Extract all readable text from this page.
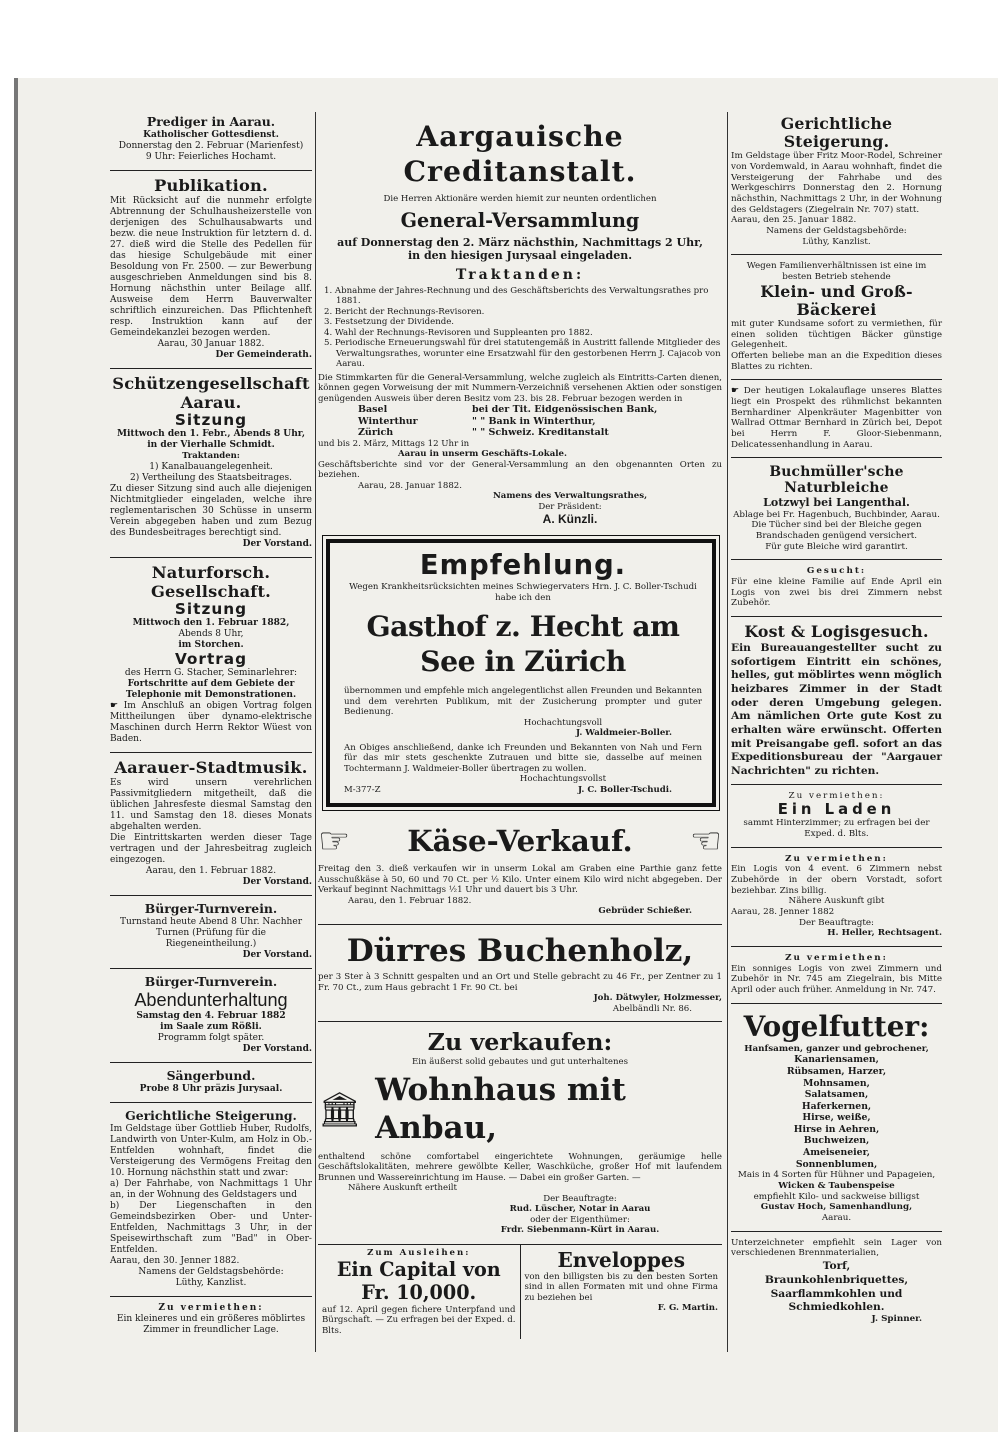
Prediger in Aarau.
Katholischer Gottesdienst.
Donnerstag den 2. Februar (Marienfest)
9 Uhr: Feierliches Hochamt.
Publikation.

Mit Rücksicht auf die nunmehr erfolgte Abtrennung der Schulhausheizerstelle von derjenigen des Schulhausabwarts und bezw. die neue Instruktion für letztern d. d. 27. dieß wird die Stelle des Pedellen für das hiesige Schulgebäude mit einer Besoldung von Fr. 2500. — zur Bewerbung ausgeschrieben Anmeldungen sind bis 8. Hornung nächsthin unter Beilage allf. Ausweise dem Herrn Bauverwalter schriftlich einzureichen. Das Pflichtenheft resp. Instruktion kann auf der Gemeindekanzlei bezogen werden.

Aarau, 30 Januar 1882.

Der Gemeinderath.

Schützengesellschaft Aarau.
Sitzung
Mittwoch den 1. Febr., Abends 8 Uhr,
in der Vierhalle Schmidt.
Traktanden:
1) Kanalbauangelegenheit.
2) Vertheilung des Staatsbeitrages.

Zu dieser Sitzung sind auch alle diejenigen Nichtmitglieder eingeladen, welche ihre reglementarischen 30 Schüsse in unserm Verein abgegeben haben und zum Bezug des Bundesbeitrages berechtigt sind.

Der Vorstand.

Naturforsch. Gesellschaft.
Sitzung
Mittwoch den 1. Februar 1882,
Abends 8 Uhr,
im Storchen.
Vortrag
des Herrn G. Stacher, Seminarlehrer:
Fortschritte auf dem Gebiete der Telephonie mit Demonstrationen.

☛ Im Anschluß an obigen Vortrag folgen Mittheilungen über dynamo-elektrische Maschinen durch Herrn Rektor Wüest von Baden.

Aarauer-Stadtmusik.

Es wird unsern verehrlichen Passivmitgliedern mitgetheilt, daß die üblichen Jahresfeste diesmal Samstag den 11. und Samstag den 18. dieses Monats abgehalten werden.

Die Eintrittskarten werden dieser Tage vertragen und der Jahresbeitrag zugleich eingezogen.

Aarau, den 1. Februar 1882.

Der Vorstand.

Bürger-Turnverein.

Turnstand heute Abend 8 Uhr. Nachher Turnen (Prüfung für die Riegeneintheilung.)

Der Vorstand.

Bürger-Turnverein.
Abendunterhaltung
Samstag den 4. Februar 1882
im Saale zum Rößli.
Programm folgt später.

Der Vorstand.

Sängerbund.
Probe 8 Uhr präzis Jurysaal.
Gerichtliche Steigerung.

Im Geldstage über Gottlieb Huber, Rudolfs, Landwirth von Unter-Kulm, am Holz in Ob.-Entfelden wohnhaft, findet die Versteigerung des Vermögens Freitag den 10. Hornung nächsthin statt und zwar:

a) Der Fahrhabe, von Nachmittags 1 Uhr an, in der Wohnung des Geldstagers und

b) Der Liegenschaften in den Gemeindsbezirken Ober- und Unter-Entfelden, Nachmittags 3 Uhr, in der Speisewirthschaft zum "Bad" in Ober-Entfelden.

Aarau, den 30. Jenner 1882.

Namens der Geldstagsbehörde:

Lüthy, Kanzlist.

Zu vermiethen:

Ein kleineres und ein größeres möblirtes Zimmer in freundlicher Lage.

Aargauische Creditanstalt.

Die Herren Aktionäre werden hiemit zur neunten ordentlichen

General-Versammlung

auf Donnerstag den 2. März nächsthin, Nachmittags 2 Uhr,

in den hiesigen Jurysaal eingeladen.

Traktanden:

1. Abnahme der Jahres-Rechnung und des Geschäftsberichts des Verwaltungsrathes pro 1881.

2. Bericht der Rechnungs-Revisoren.

3. Festsetzung der Dividende.

4. Wahl der Rechnungs-Revisoren und Suppleanten pro 1882.

5. Periodische Erneuerungswahl für drei statutengemäß in Austritt fallende Mitglieder des Verwaltungsrathes, worunter eine Ersatzwahl für den gestorbenen Herrn J. Cajacob von Aarau.

Die Stimmkarten für die General-Versammlung, welche zugleich als Eintritts-Carten dienen, können gegen Vorweisung der mit Nummern-Verzeichniß versehenen Aktien oder sonstigen genügenden Ausweis über deren Besitz vom 23. bis 28. Februar bezogen werden in

Basel	bei der Tit. Eidgenössischen Bank,
Winterthur	" " Bank in Winterthur,
Zürich	" " Schweiz. Kreditanstalt

und bis 2. März, Mittags 12 Uhr in

Aarau in unserm Geschäfts-Lokale.

Geschäftsberichte sind vor der General-Versammlung an den obgenannten Orten zu beziehen.

Aarau, 28. Januar 1882.

Namens des Verwaltungsrathes,

Der Präsident:

A. Künzli.

Empfehlung.

Wegen Krankheitsrücksichten meines Schwiegervaters Hrn. J. C. Boller-Tschudi habe ich den

Gasthof z. Hecht am See in Zürich

übernommen und empfehle mich angelegentlichst allen Freunden und Bekannten und dem verehrten Publikum, mit der Zusicherung prompter und guter Bedienung.

Hochachtungsvoll

J. Waldmeier-Boller.

An Obiges anschließend, danke ich Freunden und Bekannten von Nah und Fern für das mir stets geschenkte Zutrauen und bitte sie, dasselbe auf meinen Tochtermann J. Waldmeier-Boller übertragen zu wollen.

Hochachtungsvollst

M-377-Z	J. C. Boller-Tschudi.
☞ Käse-Verkauf. ☜

Freitag den 3. dieß verkaufen wir in unserm Lokal am Graben eine Parthie ganz fette Ausschußkäse à 50, 60 und 70 Ct. per ½ Kilo. Unter einem Kilo wird nicht abgegeben. Der Verkauf beginnt Nachmittags ½1 Uhr und dauert bis 3 Uhr.

Aarau, den 1. Februar 1882.

Gebrüder Schießer.

Dürres Buchenholz,

per 3 Ster à 3 Schnitt gespalten und an Ort und Stelle gebracht zu 46 Fr., per Zentner zu 1 Fr. 70 Ct., zum Haus gebracht 1 Fr. 90 Ct. bei

Joh. Dätwyler, Holzmesser,

Abelbändli Nr. 86.

Zu verkaufen:

Ein äußerst solid gebautes und gut unterhaltenes

🏛 Wohnhaus mit Anbau,

enthaltend schöne comfortabel eingerichtete Wohnungen, geräumige helle Geschäftslokalitäten, mehrere gewölbte Keller, Waschküche, großer Hof mit laufendem Brunnen und Wassereinrichtung im Hause. — Dabei ein großer Garten. —

Nähere Auskunft ertheilt

Der Beauftragte:

Rud. Lüscher, Notar in Aarau

oder der Eigenthümer:

Frdr. Siebenmann-Kürt in Aarau.

Zum Ausleihen:
Ein Capital von Fr. 10,000.

auf 12. April gegen fichere Unterpfand und Bürgschaft. — Zu erfragen bei der Exped. d. Blts.

Enveloppes

von den billigsten bis zu den besten Sorten sind in allen Formaten mit und ohne Firma zu beziehen bei

F. G. Martin.

Gerichtliche Steigerung.

Im Geldstage über Fritz Moor-Rodel, Schreiner von Vordemwald, in Aarau wohnhaft, findet die Versteigerung der Fahrhabe und des Werkgeschirrs Donnerstag den 2. Hornung nächsthin, Nachmittags 2 Uhr, in der Wohnung des Geldstagers (Ziegelrain Nr. 707) statt.

Aarau, den 25. Januar 1882.

Namens der Geldstagsbehörde:

Lüthy, Kanzlist.

Wegen Familienverhältnissen ist eine im besten Betrieb stehende

Klein- und Groß-Bäckerei

mit guter Kundsame sofort zu vermiethen, für einen soliden tüchtigen Bäcker günstige Gelegenheit.

Offerten beliebe man an die Expedition dieses Blattes zu richten.

☛ Der heutigen Lokalauflage unseres Blattes liegt ein Prospekt des rühmlichst bekannten Bernhardiner Alpenkräuter Magenbitter von Wallrad Ottmar Bernhard in Zürich bei, Depot bei Herrn F. Gloor-Siebenmann, Delicatessenhandlung in Aarau.

Buchmüller'sche Naturbleiche
Lotzwyl bei Langenthal.

Ablage bei Fr. Hagenbuch, Buchbinder, Aarau.

Die Tücher sind bei der Bleiche gegen Brandschaden genügend versichert.

Für gute Bleiche wird garantirt.

Gesucht:

Für eine kleine Familie auf Ende April ein Logis von zwei bis drei Zimmern nebst Zubehör.

Kost & Logisgesuch.

Ein Bureauangestellter sucht zu sofortigem Eintritt ein schönes, helles, gut möblirtes wenn möglich heizbares Zimmer in der Stadt oder deren Umgebung gelegen. Am nämlichen Orte gute Kost zu erhalten wäre erwünscht. Offerten mit Preisangabe gefl. sofort an das Expeditionsbureau der "Aargauer Nachrichten" zu richten.

Zu vermiethen:
Ein Laden

sammt Hinterzimmer; zu erfragen bei der Exped. d. Blts.

Zu vermiethen:

Ein Logis von 4 event. 6 Zimmern nebst Zubehörde in der obern Vorstadt, sofort beziehbar. Zins billig.

Nähere Auskunft gibt

Aarau, 28. Jenner 1882

Der Beauftragte:

H. Heller, Rechtsagent.

Zu vermiethen:

Ein sonniges Logis von zwei Zimmern und Zubehör in Nr. 745 am Ziegelrain, bis Mitte April oder auch früher. Anmeldung in Nr. 747.

Vogelfutter:

Hanfsamen, ganzer und gebrochener,

Kanariensamen,
Rübsamen, Harzer,
Mohnsamen,
Salatsamen,
Haferkernen,
Hirse, weiße,
Hirse in Aehren,
Buchweizen,
Ameiseneier,
Sonnenblumen,

Mais in 4 Sorten für Hühner und Papageien,

Wicken & Taubenspeise

empfiehlt Kilo- und sackweise billigst

Gustav Hoch, Samenhandlung,

Aarau.

Unterzeichneter empfiehlt sein Lager von verschiedenen Brennmaterialien,

Torf,
Braunkohlenbriquettes,
Saarflammkohlen und
Schmiedkohlen.

J. Spinner.
